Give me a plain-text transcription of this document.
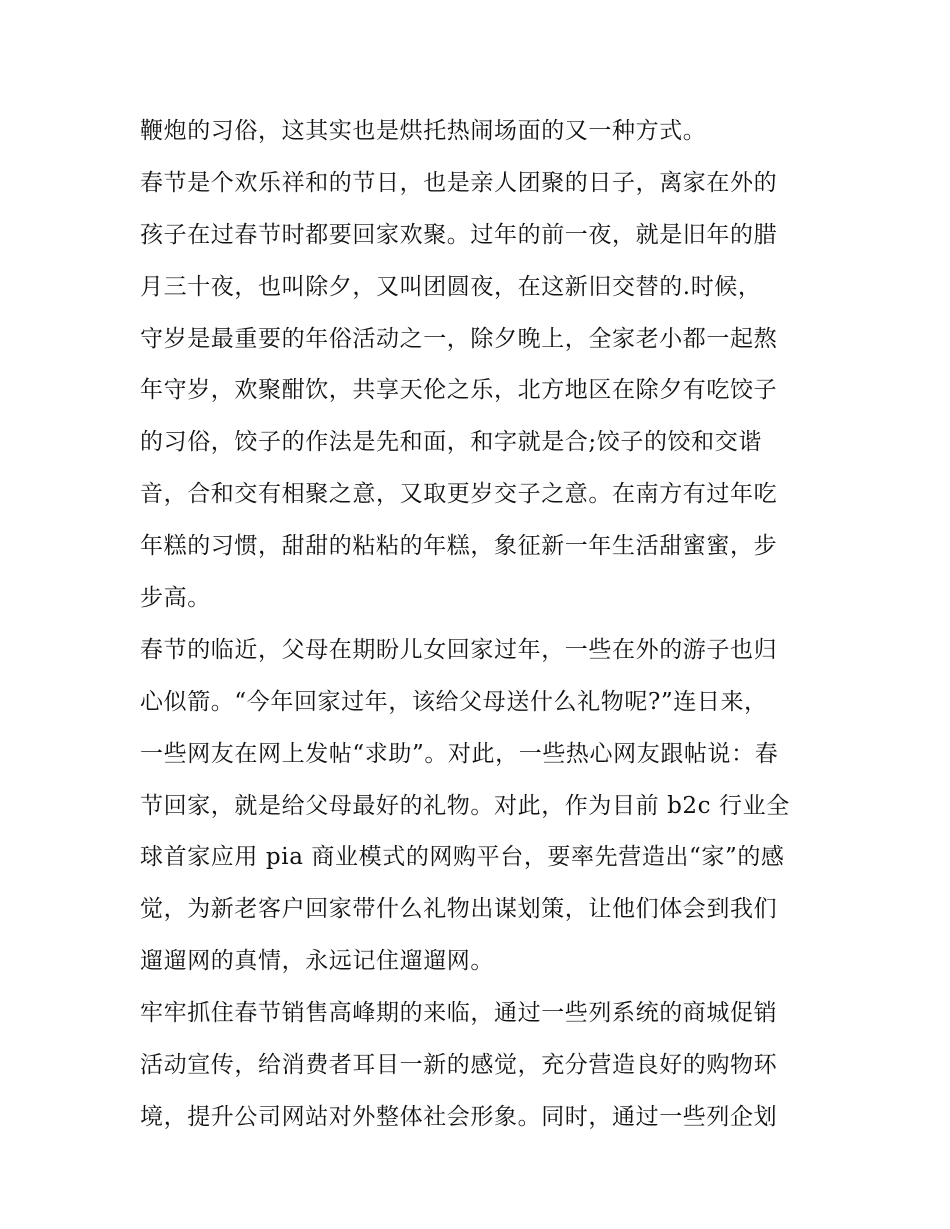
鞭炮的习俗，这其实也是烘托热闹场面的又一种方式。
春节是个欢乐祥和的节日，也是亲人团聚的日子，离家在外的
孩子在过春节时都要回家欢聚。过年的前一夜，就是旧年的腊
月三十夜，也叫除夕，又叫团圆夜，在这新旧交替的.时候，
守岁是最重要的年俗活动之一，除夕晚上，全家老小都一起熬
年守岁，欢聚酣饮，共享天伦之乐，北方地区在除夕有吃饺子
的习俗，饺子的作法是先和面，和字就是合;饺子的饺和交谐
音，合和交有相聚之意，又取更岁交子之意。在南方有过年吃
年糕的习惯，甜甜的粘粘的年糕，象征新一年生活甜蜜蜜，步
步高。
春节的临近，父母在期盼儿女回家过年，一些在外的游子也归
心似箭。“今年回家过年，该给父母送什么礼物呢?”连日来，
一些网友在网上发帖“求助”。对此，一些热心网友跟帖说：春
节回家，就是给父母最好的礼物。对此，作为目前 b2c 行业全
球首家应用 pia 商业模式的网购平台，要率先营造出“家”的感
觉，为新老客户回家带什么礼物出谋划策，让他们体会到我们
遛遛网的真情，永远记住遛遛网。
牢牢抓住春节销售高峰期的来临，通过一些列系统的商城促销
活动宣传，给消费者耳目一新的感觉，充分营造良好的购物环
境，提升公司网站对外整体社会形象。同时，通过一些列企划
